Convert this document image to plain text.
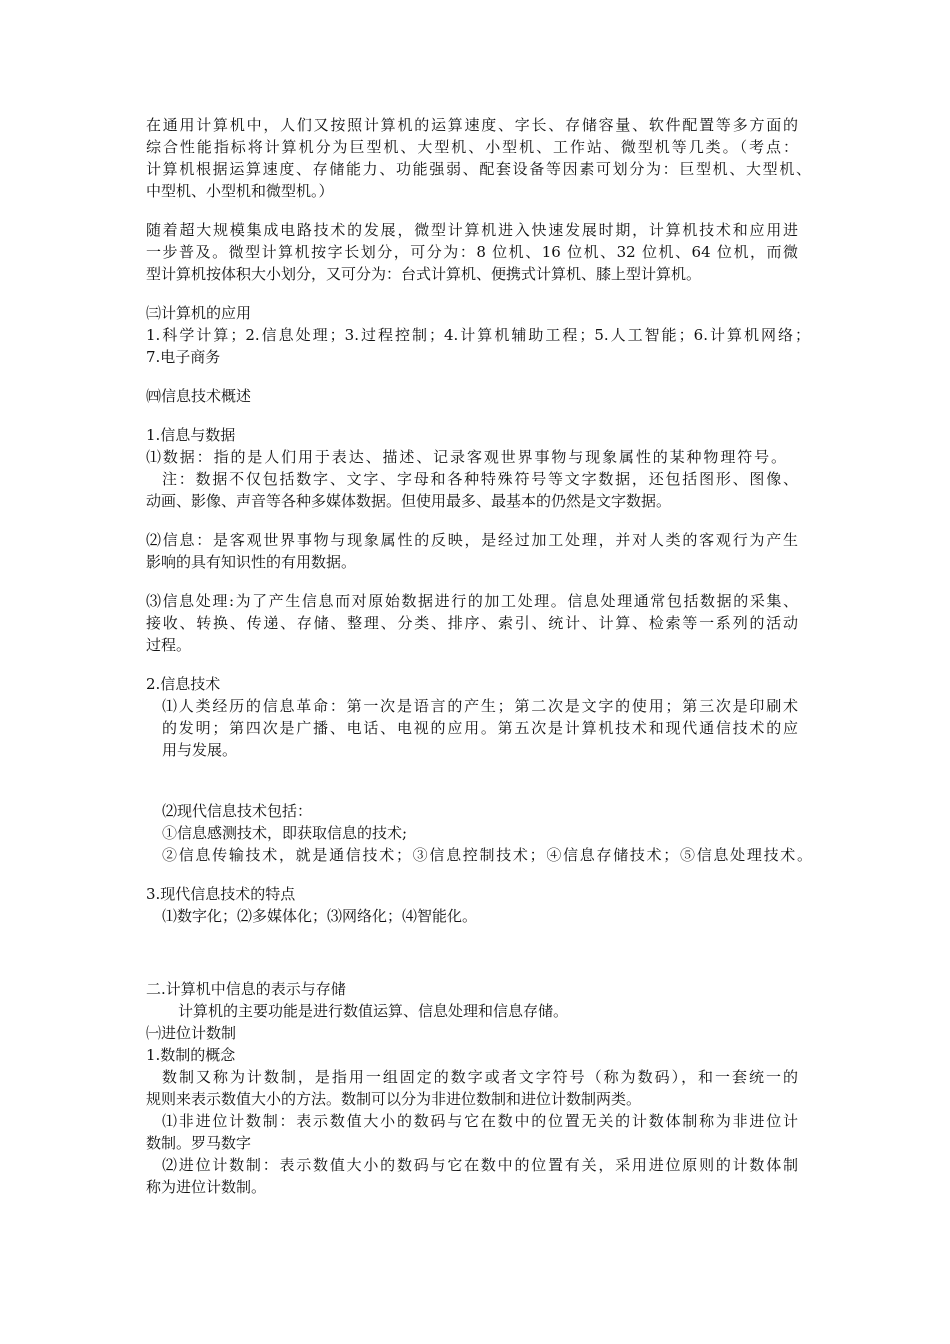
在通用计算机中，人们又按照计算机的运算速度、字长、存储容量、软件配置等多方面的
综合性能指标将计算机分为巨型机、大型机、小型机、工作站、微型机等几类。（考点：
计算机根据运算速度、存储能力、功能强弱、配套设备等因素可划分为：巨型机、大型机、
中型机、小型机和微型机。）
随着超大规模集成电路技术的发展，微型计算机进入快速发展时期，计算机技术和应用进
一步普及。微型计算机按字长划分，可分为：8 位机、16 位机、32 位机、64 位机，而微
型计算机按体积大小划分，又可分为：台式计算机、便携式计算机、膝上型计算机。
㈢计算机的应用
1.科学计算；2.信息处理；3.过程控制；4.计算机辅助工程；5.人工智能；6.计算机网络；
7.电子商务
㈣信息技术概述
1.信息与数据
⑴数据：指的是人们用于表达、描述、记录客观世界事物与现象属性的某种物理符号。
注：数据不仅包括数字、文字、字母和各种特殊符号等文字数据，还包括图形、图像、
动画、影像、声音等各种多媒体数据。但使用最多、最基本的仍然是文字数据。
⑵信息：是客观世界事物与现象属性的反映，是经过加工处理，并对人类的客观行为产生
影响的具有知识性的有用数据。
⑶信息处理:为了产生信息而对原始数据进行的加工处理。信息处理通常包括数据的采集、
接收、转换、传递、存储、整理、分类、排序、索引、统计、计算、检索等一系列的活动
过程。
2.信息技术
⑴人类经历的信息革命：第一次是语言的产生；第二次是文字的使用；第三次是印刷术
的发明；第四次是广播、电话、电视的应用。第五次是计算机技术和现代通信技术的应
用与发展。
⑵现代信息技术包括：
①信息感测技术，即获取信息的技术;
②信息传输技术，就是通信技术；③信息控制技术；④信息存储技术；⑤信息处理技术。
3.现代信息技术的特点
⑴数字化；⑵多媒体化；⑶网络化；⑷智能化。
二.计算机中信息的表示与存储
计算机的主要功能是进行数值运算、信息处理和信息存储。
㈠进位计数制
1.数制的概念
数制又称为计数制，是指用一组固定的数字或者文字符号（称为数码），和一套统一的
规则来表示数值大小的方法。数制可以分为非进位数制和进位计数制两类。
⑴非进位计数制：表示数值大小的数码与它在数中的位置无关的计数体制称为非进位计
数制。罗马数字
⑵进位计数制：表示数值大小的数码与它在数中的位置有关，采用进位原则的计数体制
称为进位计数制。
